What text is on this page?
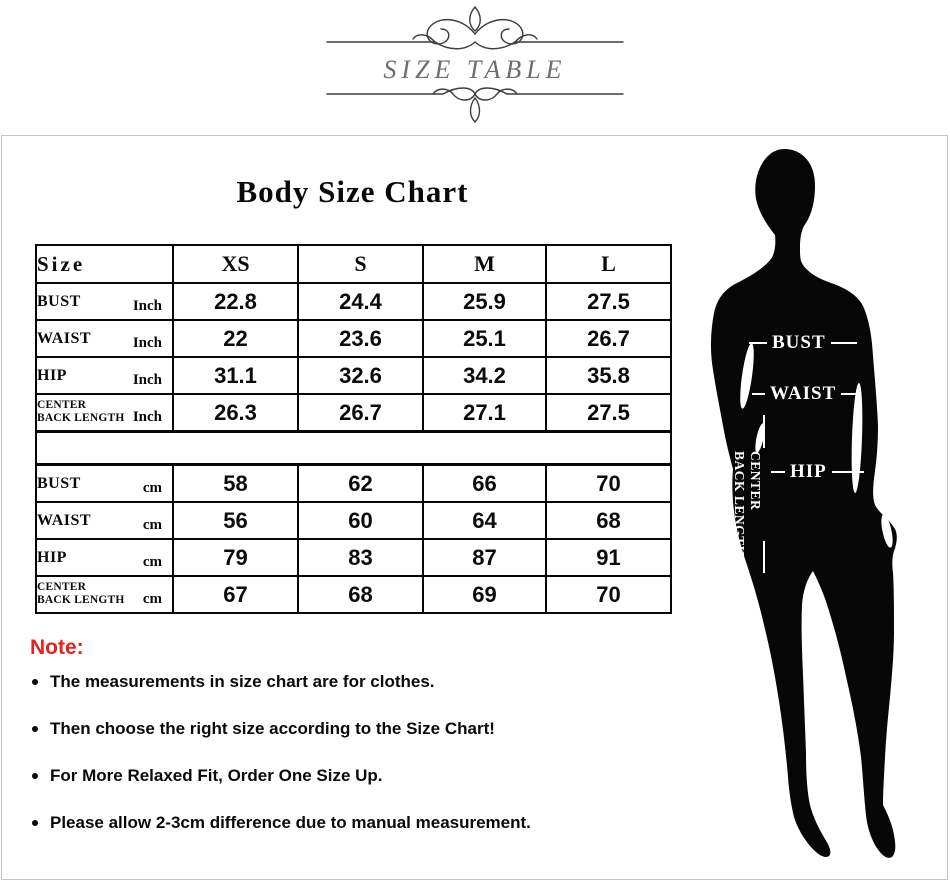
SIZE TABLE
Body Size Chart
Size	XS	S	M	L
BUST Inch	22.8	24.4	25.9	27.5
WAIST Inch	22	23.6	25.1	26.7
HIP Inch	31.1	32.6	34.2	35.8
CENTER
BACK LENGTH Inch	26.3	26.7	27.1	27.5

BUST cm	58	62	66	70
WAIST cm	56	60	64	68
HIP cm	79	83	87	91
CENTER
BACK LENGTH cm	67	68	69	70
BUST
WAIST
HIP
CENTER
BACK LENGTH
Note:
The measurements in size chart are for clothes.
Then choose the right size according to the Size Chart!
For More Relaxed Fit, Order One Size Up.
Please allow 2-3cm difference due to manual measurement.
